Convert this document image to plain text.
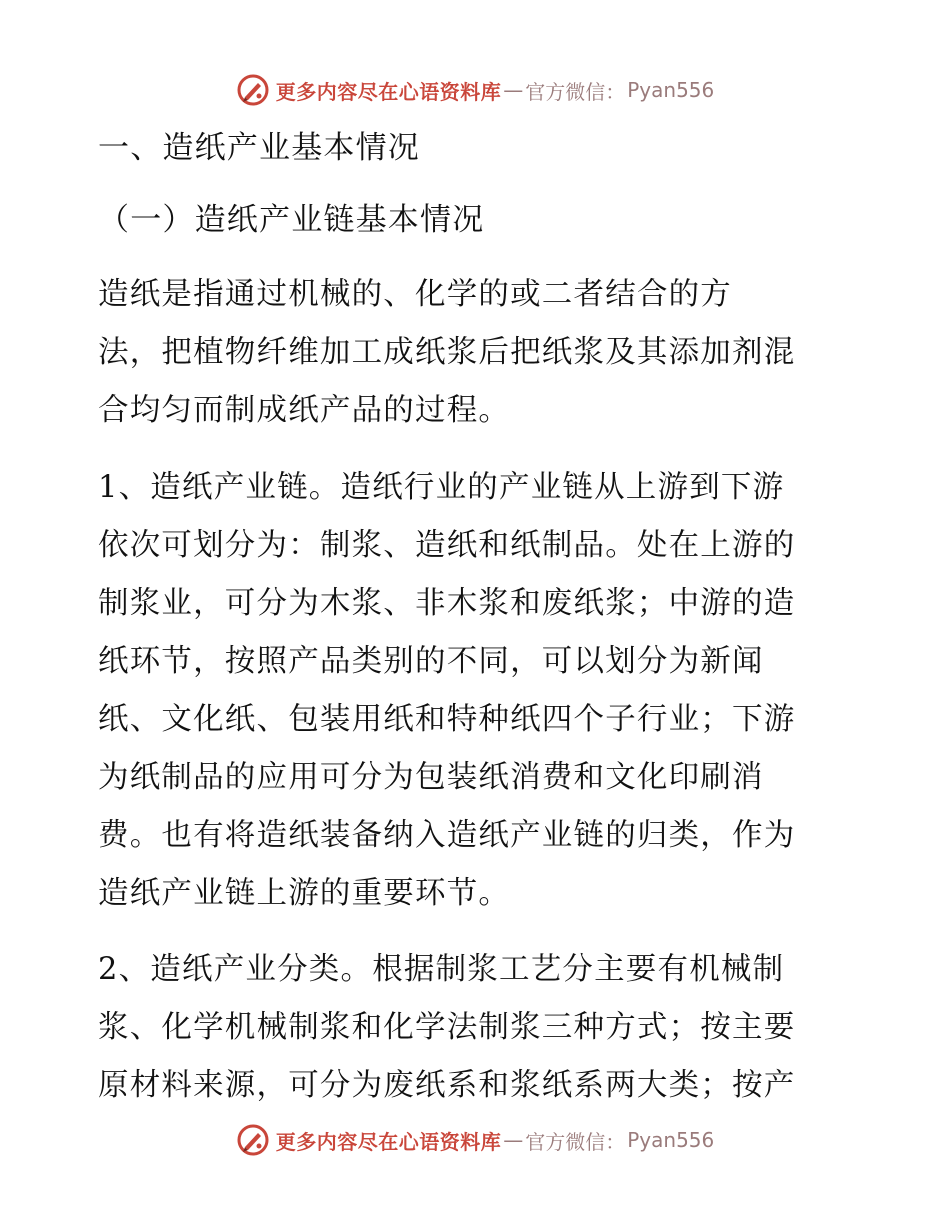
更多内容尽在心语资料库 — 官方微信： Pyan556
一、造纸产业基本情况
（一）造纸产业链基本情况
造纸是指通过机械的、化学的或二者结合的方
法，把植物纤维加工成纸浆后把纸浆及其添加剂混
合均匀而制成纸产品的过程。
1、造纸产业链。造纸行业的产业链从上游到下游
依次可划分为：制浆、造纸和纸制品。处在上游的
制浆业，可分为木浆、非木浆和废纸浆；中游的造
纸环节，按照产品类别的不同，可以划分为新闻
纸、文化纸、包装用纸和特种纸四个子行业；下游
为纸制品的应用可分为包装纸消费和文化印刷消
费。也有将造纸装备纳入造纸产业链的归类，作为
造纸产业链上游的重要环节。
2、造纸产业分类。根据制浆工艺分主要有机械制
浆、化学机械制浆和化学法制浆三种方式；按主要
原材料来源，可分为废纸系和浆纸系两大类；按产
更多内容尽在心语资料库 — 官方微信： Pyan556
